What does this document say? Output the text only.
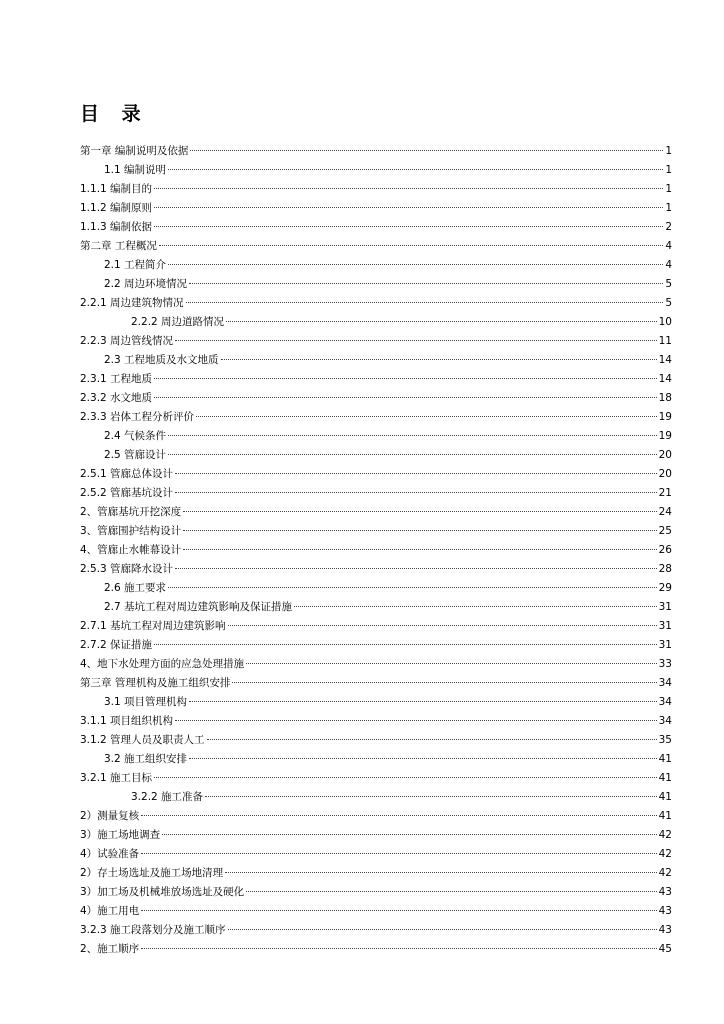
目 录
第一章 编制说明及依据	1
1.1 编制说明	1
1.1.1 编制目的	1
1.1.2 编制原则	1
1.1.3 编制依据	2
第二章 工程概况	4
2.1 工程简介	4
2.2 周边环境情况	5
2.2.1 周边建筑物情况	5
2.2.2 周边道路情况	10
2.2.3 周边管线情况	11
2.3 工程地质及水文地质	14
2.3.1 工程地质	14
2.3.2 水文地质	18
2.3.3 岩体工程分析评价	19
2.4 气候条件	19
2.5 管廊设计	20
2.5.1 管廊总体设计	20
2.5.2 管廊基坑设计	21
2、管廊基坑开挖深度	24
3、管廊围护结构设计	25
4、管廊止水帷幕设计	26
2.5.3 管廊降水设计	28
2.6 施工要求	29
2.7 基坑工程对周边建筑影响及保证措施	31
2.7.1 基坑工程对周边建筑影响	31
2.7.2 保证措施	31
4、地下水处理方面的应急处理措施	33
第三章 管理机构及施工组织安排	34
3.1 项目管理机构	34
3.1.1 项目组织机构	34
3.1.2 管理人员及职责人工	35
3.2 施工组织安排	41
3.2.1 施工目标	41
3.2.2 施工准备	41
2）测量复核	41
3）施工场地调查	42
4）试验准备	42
2）存土场选址及施工场地清理	42
3）加工场及机械堆放场选址及硬化	43
4）施工用电	43
3.2.3 施工段落划分及施工顺序	43
2、施工顺序	45
